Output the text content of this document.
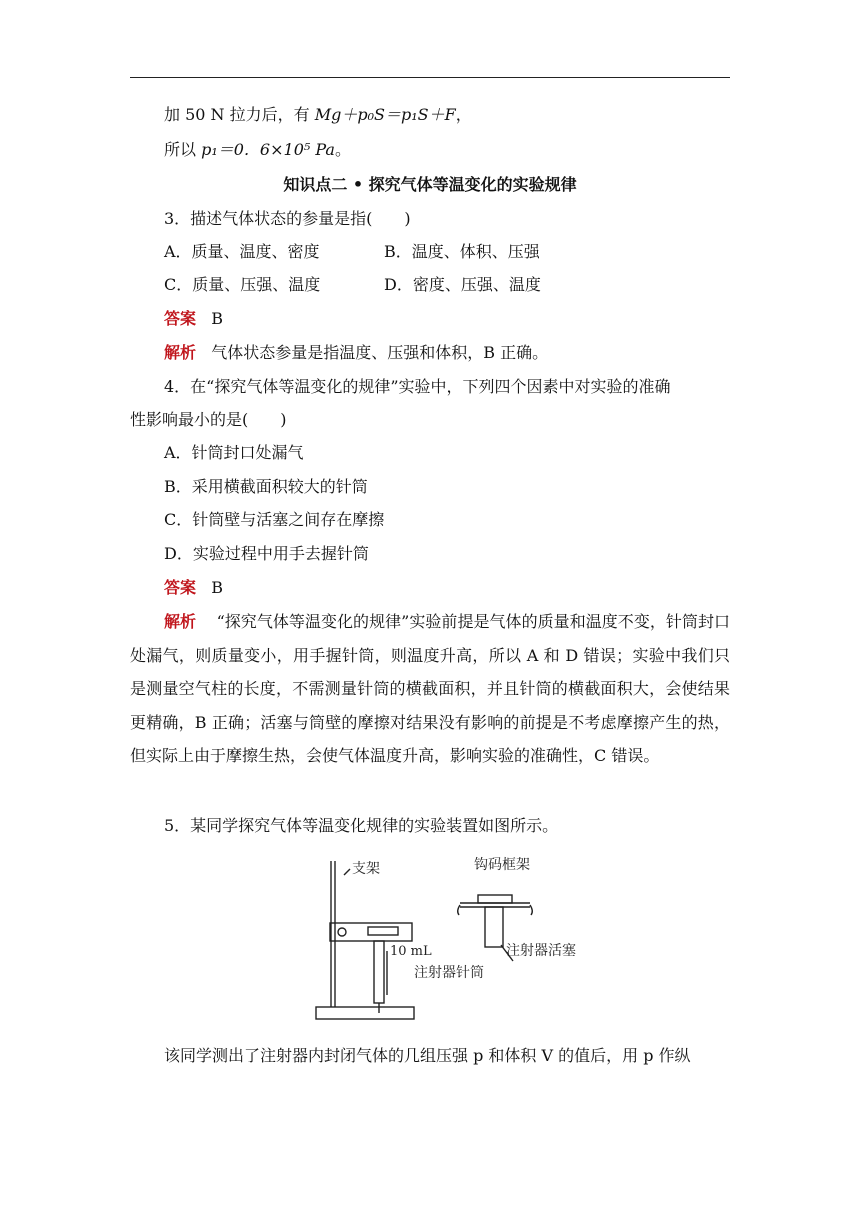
加 50 N 拉力后，有 Mg＋p₀S＝p₁S＋F，
所以 p₁＝0．6×10⁵ Pa。
知识点二 • 探究气体等温变化的实验规律
3．描述气体状态的参量是指(　　)
A．质量、温度、密度	B．温度、体积、压强
C．质量、压强、温度	D．密度、压强、温度
答案 B
解析 气体状态参量是指温度、压强和体积，B 正确。
4．在“探究气体等温变化的规律”实验中，下列四个因素中对实验的准确
性影响最小的是(　　)
A．针筒封口处漏气
B．采用横截面积较大的针筒
C．针筒壁与活塞之间存在摩擦
D．实验过程中用手去握针筒
答案 B
解析 “探究气体等温变化的规律”实验前提是气体的质量和温度不变，针筒封口处漏气，则质量变小，用手握针筒，则温度升高，所以 A 和 D 错误；实验中我们只是测量空气柱的长度，不需测量针筒的横截面积，并且针筒的横截面积大，会使结果更精确，B 正确；活塞与筒壁的摩擦对结果没有影响的前提是不考虑摩擦产生的热，但实际上由于摩擦生热，会使气体温度升高，影响实验的准确性，C 错误。
5．某同学探究气体等温变化规律的实验装置如图所示。
支架	钩码框架
10 mL	注射器活塞
注射器针筒
该同学测出了注射器内封闭气体的几组压强 p 和体积 V 的值后，用 p 作纵
